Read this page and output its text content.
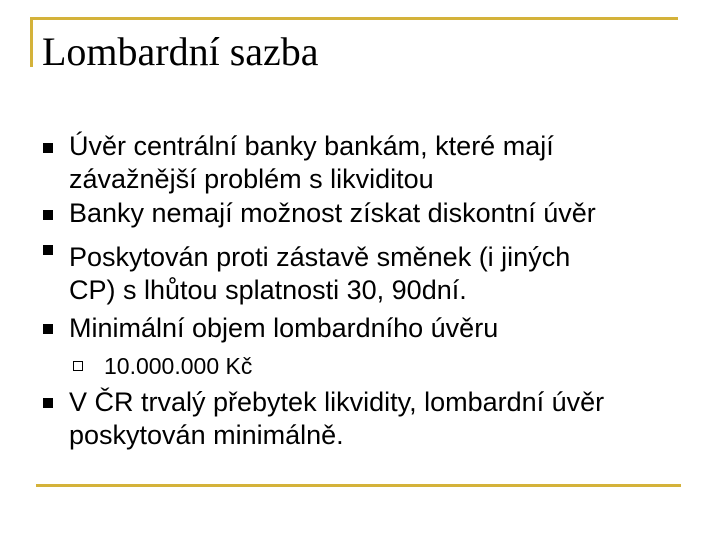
Lombardní sazba
Úvěr centrální banky bankám, které mají
závažnější problém s likviditou
Banky nemají možnost získat diskontní úvěr
Poskytován proti zástavě směnek (i jiných
CP) s lhůtou splatnosti 30, 90dní.
Minimální objem lombardního úvěru
10.000.000 Kč
V ČR trvalý přebytek likvidity, lombardní úvěr
poskytován minimálně.
